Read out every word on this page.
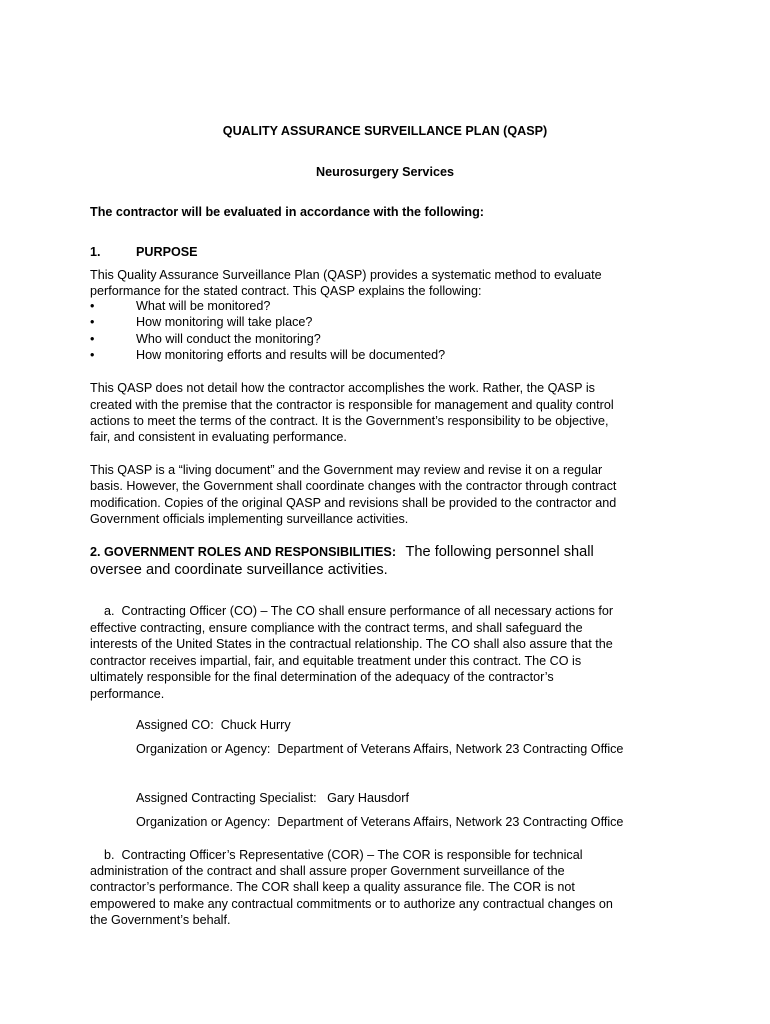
QUALITY ASSURANCE SURVEILLANCE PLAN (QASP)
Neurosurgery Services
The contractor will be evaluated in accordance with the following:
1.	PURPOSE
This Quality Assurance Surveillance Plan (QASP) provides a systematic method to evaluate
performance for the stated contract. This QASP explains the following:
•	What will be monitored?
•	How monitoring will take place?
•	Who will conduct the monitoring?
•	How monitoring efforts and results will be documented?
This QASP does not detail how the contractor accomplishes the work. Rather, the QASP is
created with the premise that the contractor is responsible for management and quality control
actions to meet the terms of the contract. It is the Government’s responsibility to be objective,
fair, and consistent in evaluating performance.
This QASP is a “living document” and the Government may review and revise it on a regular
basis. However, the Government shall coordinate changes with the contractor through contract
modification. Copies of the original QASP and revisions shall be provided to the contractor and
Government officials implementing surveillance activities.
2. GOVERNMENT ROLES AND RESPONSIBILITIES: The following personnel shall
oversee and coordinate surveillance activities.
a.  Contracting Officer (CO) – The CO shall ensure performance of all necessary actions for
effective contracting, ensure compliance with the contract terms, and shall safeguard the
interests of the United States in the contractual relationship. The CO shall also assure that the
contractor receives impartial, fair, and equitable treatment under this contract. The CO is
ultimately responsible for the final determination of the adequacy of the contractor’s
performance.
Assigned CO:  Chuck Hurry
Organization or Agency:  Department of Veterans Affairs, Network 23 Contracting Office
Assigned Contracting Specialist:   Gary Hausdorf
Organization or Agency:  Department of Veterans Affairs, Network 23 Contracting Office
b.  Contracting Officer’s Representative (COR) – The COR is responsible for technical
administration of the contract and shall assure proper Government surveillance of the
contractor’s performance. The COR shall keep a quality assurance file. The COR is not
empowered to make any contractual commitments or to authorize any contractual changes on
the Government’s behalf.
